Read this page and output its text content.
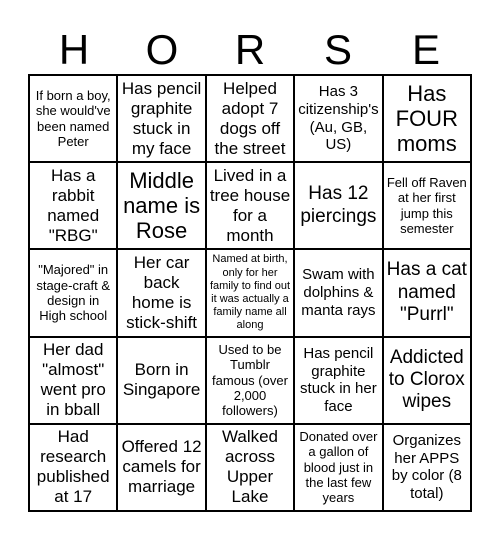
H	O	R	S	E
If born a boy, she would've been named Peter
Has pencil graphite stuck in my face
Helped adopt 7 dogs off the street
Has 3 citizenship's (Au, GB, US)
Has FOUR moms
Has a rabbit named "RBG"
Middle name is Rose
Lived in a tree house for a month
Has 12 piercings
Fell off Raven at her first jump this semester
"Majored" in stage-craft & design in High school
Her car back home is stick-shift
Named at birth, only for her family to find out it was actually a family name all along
Swam with dolphins & manta rays
Has a cat named "Purrl"
Her dad "almost" went pro in bball
Born in Singapore
Used to be Tumblr famous (over 2,000 followers)
Has pencil graphite stuck in her face
Addicted to Clorox wipes
Had research published at 17
Offered 12 camels for marriage
Walked across Upper Lake
Donated over a gallon of blood just in the last few years
Organizes her APPS by color (8 total)
